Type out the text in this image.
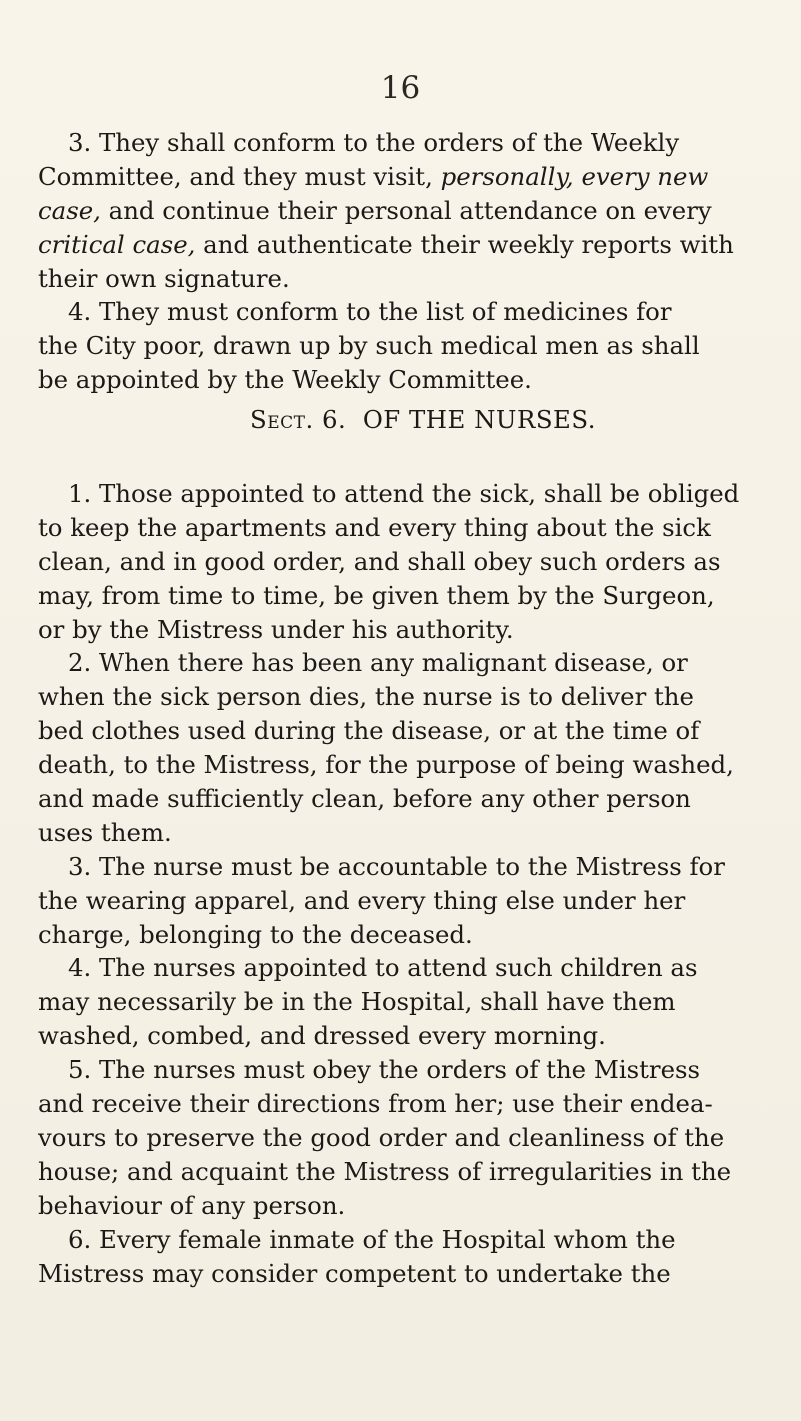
16
3. They shall conform to the orders of the Weekly
Committee, and they must visit, personally, every new
case, and continue their personal attendance on every
critical case, and authenticate their weekly reports with
their own signature.
4. They must conform to the list of medicines for
the City poor, drawn up by such medical men as shall
be appointed by the Weekly Committee.
Sect. 6. OF THE NURSES.
1. Those appointed to attend the sick, shall be obliged
to keep the apartments and every thing about the sick
clean, and in good order, and shall obey such orders as
may, from time to time, be given them by the Surgeon,
or by the Mistress under his authority.
2. When there has been any malignant disease, or
when the sick person dies, the nurse is to deliver the
bed clothes used during the disease, or at the time of
death, to the Mistress, for the purpose of being washed,
and made sufficiently clean, before any other person
uses them.
3. The nurse must be accountable to the Mistress for
the wearing apparel, and every thing else under her
charge, belonging to the deceased.
4. The nurses appointed to attend such children as
may necessarily be in the Hospital, shall have them
washed, combed, and dressed every morning.
5. The nurses must obey the orders of the Mistress
and receive their directions from her; use their endea-
vours to preserve the good order and cleanliness of the
house; and acquaint the Mistress of irregularities in the
behaviour of any person.
6. Every female inmate of the Hospital whom the
Mistress may consider competent to undertake the
